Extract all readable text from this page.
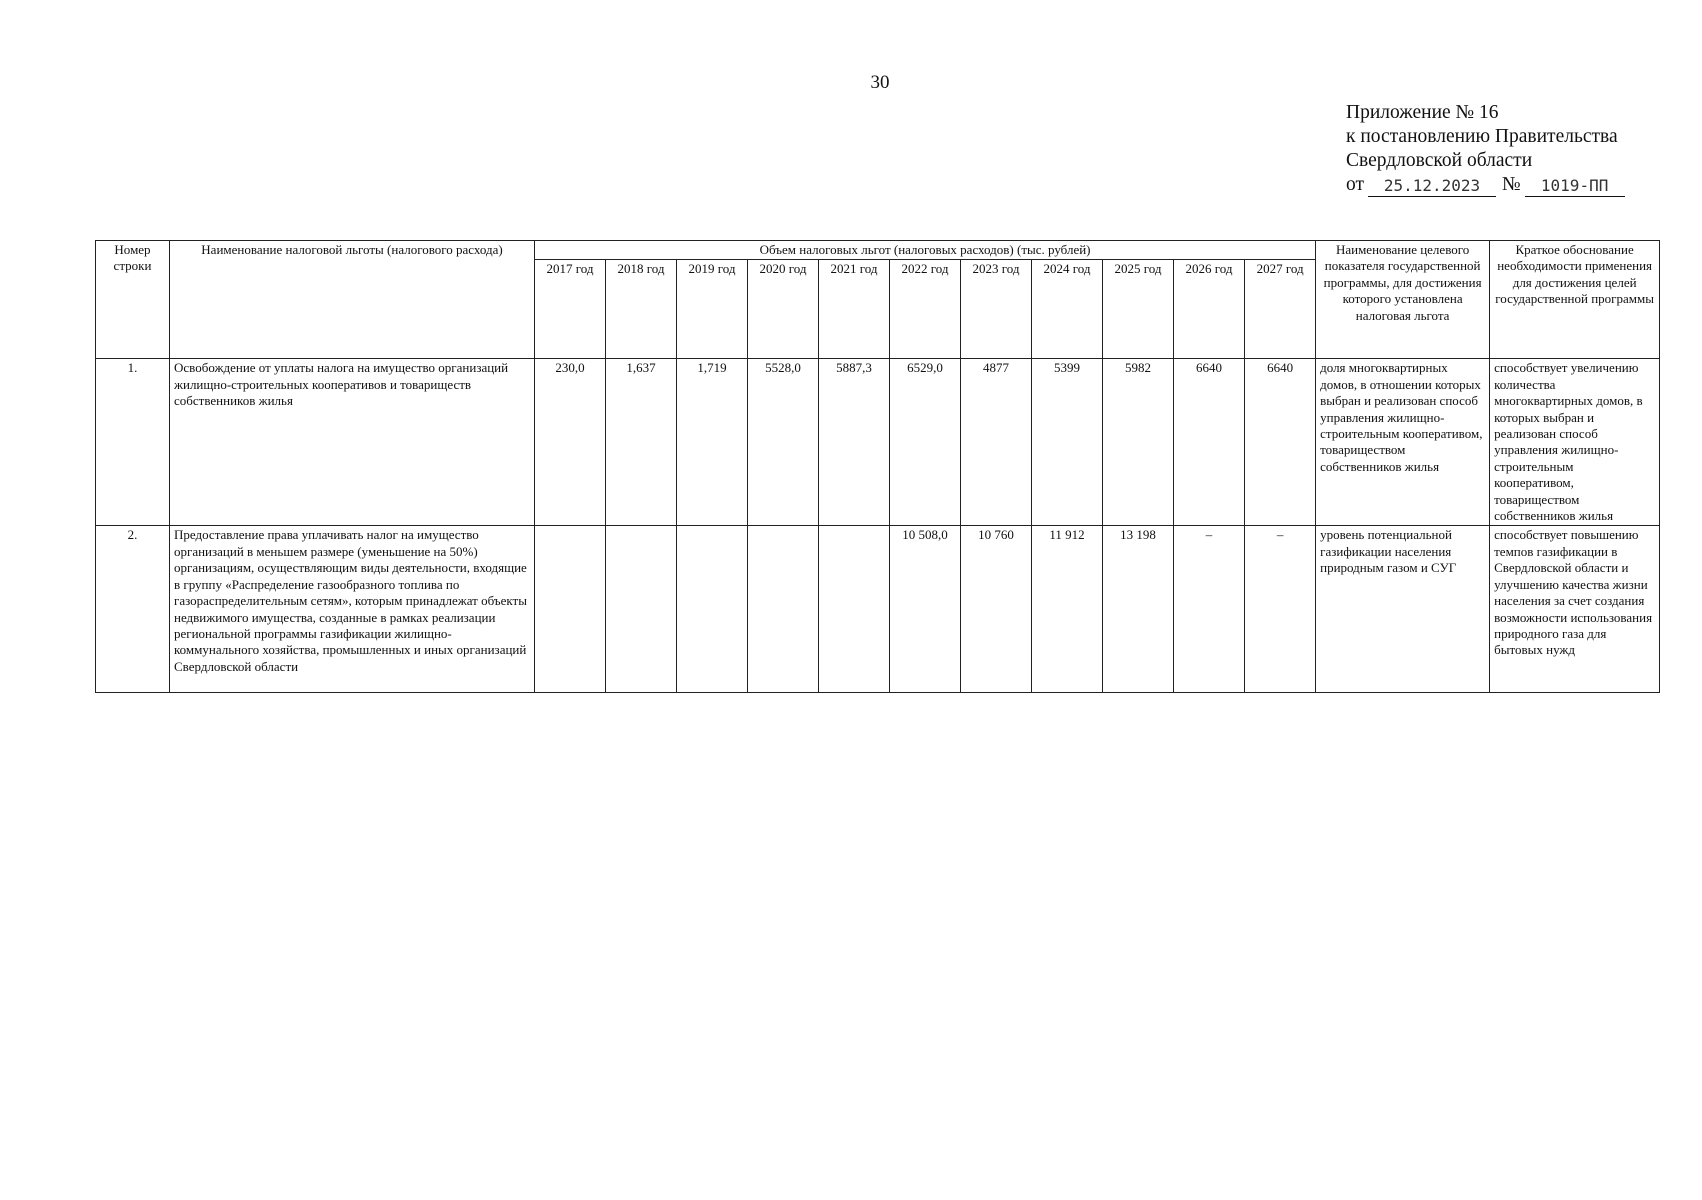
30
Приложение № 16
к постановлению Правительства
Свердловской области
от	25.12.2023	№	1019-ПП
Номер строки	Наименование налоговой льготы (налогового расхода)	Объем налоговых льгот (налоговых расходов) (тыс. рублей)											Наименование целевого показателя государственной программы, для достижения которого установлена налоговая льгота	Краткое обоснование необходимости применения для достижения целей государственной программы
		2017 год	2018 год	2019 год	2020 год	2021 год	2022 год	2023 год	2024 год	2025 год	2026 год	2027 год		
1.	Освобождение от уплаты налога на имущество организаций жилищно-строительных кооперативов и товариществ собственников жилья	230,0	1,637	1,719	5528,0	5887,3	6529,0	4877	5399	5982	6640	6640	доля многоквартирных домов, в отношении которых выбран и реализован способ управления жилищно-строительным кооперативом, товариществом собственников жилья	способствует увеличению количества многоквартирных домов, в которых выбран и реализован способ управления жилищно-строительным кооперативом, товариществом собственников жилья
2.	Предоставление права уплачивать налог на имущество организаций в меньшем размере (уменьшение на 50%) организациям, осуществляющим виды деятельности, входящие в группу «Распределение газообразного топлива по газораспределительным сетям», которым принадлежат объекты недвижимого имущества, созданные в рамках реализации региональной программы газификации жилищно-коммунального хозяйства, промышленных и иных организаций Свердловской области						10 508,0	10 760	11 912	13 198	–	–	уровень потенциальной газификации населения природным газом и СУГ	способствует повышению темпов газификации в Свердловской области и улучшению качества жизни населения за счет создания возможности использования природного газа для бытовых нужд
